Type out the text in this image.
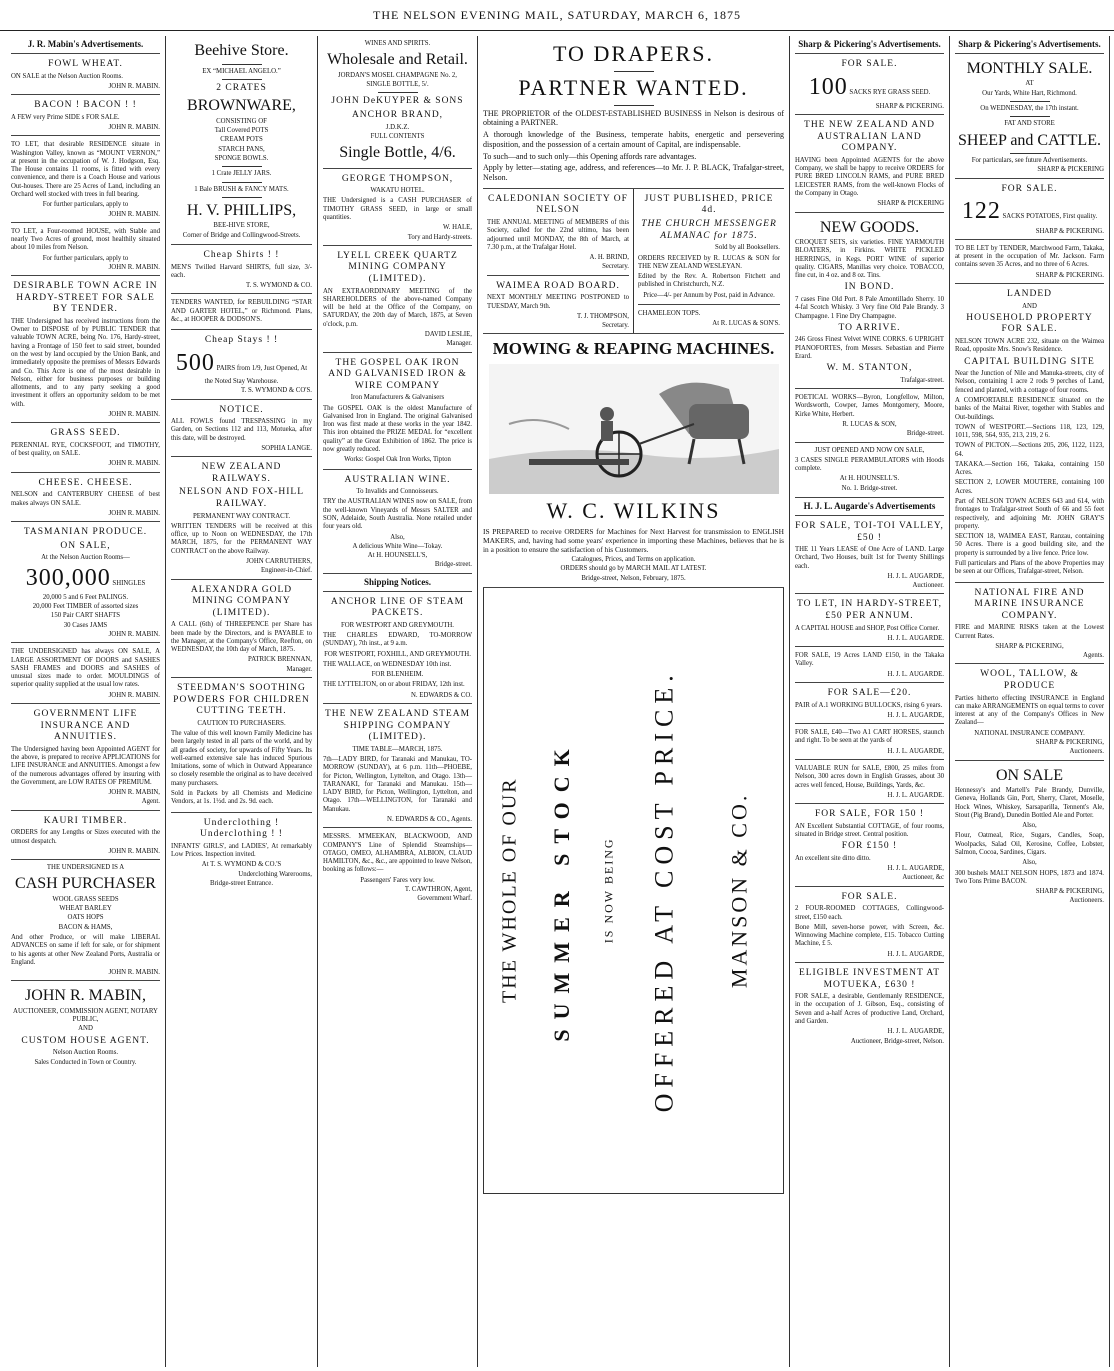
THE NELSON EVENING MAIL, SATURDAY, MARCH 6, 1875
J. R. Mabin's Advertisements.
FOWL WHEAT.
ON SALE at the Nelson Auction Rooms.
JOHN R. MABIN.
BACON ! BACON ! !
A FEW very Prime SIDE s FOR SALE.
JOHN R. MABIN.
TO LET, that desirable RESIDENCE situate in Washington Valley, known as “MOUNT VERNON,” at present in the occupation of W. J. Hodgson, Esq. The House contains 11 rooms, is fitted with every convenience, and there is a Coach House and various Out-houses. There are 25 Acres of Land, including an Orchard well stocked with trees in full bearing.
For further particulars, apply to
JOHN R. MABIN.
TO LET, a Four-roomed HOUSE, with Stable and nearly Two Acres of ground, most healthily situated about 10 miles from Nelson.
For further particulars, apply to
JOHN R. MABIN.
DESIRABLE TOWN ACRE IN HARDY-STREET FOR SALE BY TENDER.
THE Undersigned has received instructions from the Owner to DISPOSE of by PUBLIC TENDER that valuable TOWN ACRE, being No. 176, Hardy-street, having a Frontage of 150 feet to said street, bounded on the west by land occupied by the Union Bank, and immediately opposite the premises of Messrs Edwards and Co. This Acre is one of the most desirable in Nelson, either for business purposes or building allotments, and to any party seeking a good investment it offers an opportunity seldom to be met with.
JOHN R. MABIN.
GRASS SEED.
PERENNIAL RYE, COCKSFOOT, and TIMOTHY, of best quality, on SALE.
JOHN R. MABIN.
CHEESE. CHEESE.
NELSON and CANTERBURY CHEESE of best makes always ON SALE.
JOHN R. MABIN.
TASMANIAN PRODUCE.
ON SALE,
At the Nelson Auction Rooms—
300,000 SHINGLES
20,000 5 and 6 Feet PALINGS.
20,000 Feet TIMBER of assorted sizes
150 Pair CART SHAFTS
30 Cases JAMS
JOHN R. MABIN.
THE UNDERSIGNED has always ON SALE, A LARGE ASSORTMENT OF DOORS and SASHES SASH FRAMES and DOORS and SASHES of unusual sizes made to order. MOULDINGS of superior quality supplied at the usual low rates.
JOHN R. MABIN.
GOVERNMENT LIFE INSURANCE AND ANNUITIES.
The Undersigned having been Appointed AGENT for the above, is prepared to receive APPLICATIONS for LIFE INSURANCE and ANNUITIES. Amongst a few of the numerous advantages offered by insuring with the Government, are LOW RATES OF PREMIUM.
JOHN R. MABIN,
Agent.
KAURI TIMBER.
ORDERS for any Lengths or Sizes executed with the utmost despatch.
JOHN R. MABIN.
THE UNDERSIGNED IS A
CASH PURCHASER
WOOL GRASS SEEDS
WHEAT BARLEY
OATS HOPS
BACON & HAMS,
And other Produce, or will make LIBERAL ADVANCES on same if left for sale, or for shipment to his agents at other New Zealand Ports, Australia or England.
JOHN R. MABIN.
JOHN R. MABIN,
AUCTIONEER, COMMISSION AGENT, NOTARY PUBLIC,
AND
CUSTOM HOUSE AGENT.
Nelson Auction Rooms.
Sales Conducted in Town or Country.
Beehive Store.
EX “MICHAEL ANGELO.”
2 CRATES
BROWNWARE,
CONSISTING OF
Tall Covered POTS
CREAM POTS
STARCH PANS,
SPONGE BOWLS.
1 Crate JELLY JARS.
1 Bale BRUSH & FANCY MATS.
H. V. PHILLIPS,
BEE-HIVE STORE,
Corner of Bridge and Collingwood-Streets.
Cheap Shirts ! !
MEN'S Twilled Harvard SHIRTS, full size, 3/- each.
T. S. WYMOND & CO.
TENDERS WANTED, for REBUILDING “STAR AND GARTER HOTEL,” or Richmond. Plans, &c., at HOOPER & DODSON'S.
Cheap Stays ! !
500 PAIRS from 1/9, Just Opened, At the Noted Stay Warehouse.
T. S. WYMOND & CO'S.
NOTICE.
ALL FOWLS found TRESPASSING in my Garden, on Sections 112 and 113, Motueka, after this date, will be destroyed.
SOPHIA LANGE.
NEW ZEALAND RAILWAYS.
NELSON AND FOX-HILL RAILWAY.
PERMANENT WAY CONTRACT.
WRITTEN TENDERS will be received at this office, up to Noon on WEDNESDAY, the 17th MARCH, 1875, for the PERMANENT WAY CONTRACT on the above Railway.
JOHN CARRUTHERS,
Engineer-in-Chief.
ALEXANDRA GOLD MINING COMPANY (LIMITED).
A CALL (6th) of THREEPENCE per Share has been made by the Directors, and is PAYABLE to the Manager, at the Company's Office, Reefton, on WEDNESDAY, the 10th day of March, 1875.
PATRICK BRENNAN,
Manager.
STEEDMAN'S SOOTHING POWDERS FOR CHILDREN CUTTING TEETH.
CAUTION TO PURCHASERS.
The value of this well known Family Medicine has been largely tested in all parts of the world, and by all grades of society, for upwards of Fifty Years. Its well-earned extensive sale has induced Spurious Imitations, some of which in Outward Appearance so closely resemble the original as to have deceived many purchasers.
Sold in Packets by all Chemists and Medicine Vendors, at 1s. 1½d. and 2s. 9d. each.
Underclothing ! Underclothing ! !
INFANTS' GIRLS', and LADIES', At remarkably Low Prices. Inspection invited.
At T. S. WYMOND & CO.'S
Underclothing Warerooms,
Bridge-street Entrance.
WINES AND SPIRITS.
Wholesale and Retail.
JORDAN'S MOSEL CHAMPAGNE No. 2,
SINGLE BOTTLE, 5/.
JOHN DeKUYPER & SONS
ANCHOR BRAND,
J.D.K.Z.
FULL CONTENTS
Single Bottle, 4/6.
GEORGE THOMPSON,
WAKATU HOTEL.
THE Undersigned is a CASH PURCHASER of TIMOTHY GRASS SEED, in large or small quantities.
W. HALE,
Tory and Hardy-streets.
LYELL CREEK QUARTZ MINING COMPANY (LIMITED).
AN EXTRAORDINARY MEETING of the SHAREHOLDERS of the above-named Company will be held at the Office of the Company, on SATURDAY, the 20th day of March, 1875, at Seven o'clock, p.m.
DAVID LESLIE,
Manager.
THE GOSPEL OAK IRON AND GALVANISED IRON & WIRE COMPANY
Iron Manufacturers & Galvanisers
The GOSPEL OAK is the oldest Manufacture of Galvanised Iron in England. The original Galvanised Iron was first made at these works in the year 1842. This iron obtained the PRIZE MEDAL for “excellent quality” at the Great Exhibition of 1862. The price is now greatly reduced.
Works: Gospel Oak Iron Works, Tipton
AUSTRALIAN WINE.
To Invalids and Connoisseurs.
TRY the AUSTRALIAN WINES now on SALE, from the well-known Vineyards of Messrs SALTER and SON, Adelaide, South Australia. None retailed under four years old.
Also,
A delicious White Wine—Tokay.
At H. HOUNSELL'S,
Bridge-street.
Shipping Notices.
ANCHOR LINE OF STEAM PACKETS.
FOR WESTPORT AND GREYMOUTH.
THE CHARLES EDWARD, TO-MORROW (SUNDAY), 7th inst., at 9 a.m.
FOR WESTPORT, FOXHILL, AND GREYMOUTH.
THE WALLACE, on WEDNESDAY 10th inst.
FOR BLENHEIM.
THE LYTTELTON, on or about FRIDAY, 12th inst.
N. EDWARDS & CO.
THE NEW ZEALAND STEAM SHIPPING COMPANY (LIMITED).
TIME TABLE—MARCH, 1875.
7th—LADY BIRD, for Taranaki and Manukau, TO-MORROW (SUNDAY), at 6 p.m. 11th—PHOEBE, for Picton, Wellington, Lyttelton, and Otago. 13th—TARANAKI, for Taranaki and Manukau. 15th—LADY BIRD, for Picton, Wellington, Lyttelton, and Otago. 17th—WELLINGTON, for Taranaki and Manukau.
N. EDWARDS & CO., Agents.
MESSRS. M'MEEKAN, BLACKWOOD, AND COMPANY'S Line of Splendid Steamships—OTAGO, OMEO, ALHAMBRA, ALBION, CLAUD HAMILTON, &c., &c., are appointed to leave Nelson, booking as follows:—
Passengers' Fares very low.
T. CAWTHRON, Agent,
Government Wharf.
TO DRAPERS.
PARTNER WANTED.
THE PROPRIETOR of the OLDEST-ESTABLISHED BUSINESS in Nelson is desirous of obtaining a PARTNER.
A thorough knowledge of the Business, temperate habits, energetic and persevering disposition, and the possession of a certain amount of Capital, are indispensable.
To such—and to such only—this Opening affords rare advantages.
Apply by letter—stating age, address, and references—to Mr. J. P. BLACK, Trafalgar-street, Nelson.
CALEDONIAN SOCIETY OF NELSON
THE ANNUAL MEETING of MEMBERS of this Society, called for the 22nd ultimo, has been adjourned until MONDAY, the 8th of March, at 7.30 p.m., at the Trafalgar Hotel.
A. H. BRIND,
Secretary.
WAIMEA ROAD BOARD.
NEXT MONTHLY MEETING POSTPONED to TUESDAY, March 9th.
T. J. THOMPSON,
Secretary.
JUST PUBLISHED, PRICE 4d.
THE CHURCH MESSENGER ALMANAC for 1875.
Sold by all Booksellers.
ORDERS RECEIVED by R. LUCAS & SON for THE NEW ZEALAND WESLEYAN.
Edited by the Rev. A. Robertson Fitchett and published in Christchurch, N.Z.
Price—4/- per Annum by Post, paid in Advance.
CHAMELEON TOPS.
At R. LUCAS & SON'S.
MOWING & REAPING MACHINES.
W. C. WILKINS
IS PREPARED to receive ORDERS for Machines for Next Harvest for transmission to ENGLISH MAKERS, and, having had some years' experience in importing these Machines, believes that he is in a position to ensure the satisfaction of his Customers.
Catalogues, Prices, and Terms on application.
ORDERS should go by MARCH MAIL AT LATEST.
Bridge-street, Nelson, February, 1875.
THE WHOLE OF OUR SUMMER STOCK IS NOW BEING OFFERED AT COST PRICE. MANSON & CO.
Sharp & Pickering's Advertisements.
FOR SALE.
100 SACKS RYE GRASS SEED.
SHARP & PICKERING.
THE NEW ZEALAND AND AUSTRALIAN LAND COMPANY.
HAVING been Appointed AGENTS for the above Company, we shall be happy to receive ORDERS for PURE BRED LINCOLN RAMS, and PURE BRED LEICESTER RAMS, from the well-known Flocks of the Company in Otago.
SHARP & PICKERING
NEW GOODS.
CROQUET SETS, six varieties. FINE YARMOUTH BLOATERS, in Firkins. WHITE PICKLED HERRINGS, in Kegs. PORT WINE of superior quality. CIGARS, Manillas very choice. TOBACCO, fine cut, in 4 oz. and 8 oz. Tins.
IN BOND.
7 cases Fine Old Port. 8 Pale Amontillado Sherry. 10 4-fal Scotch Whisky. 3 Very fine Old Pale Brandy. 3 Champagne. 1 Fine Dry Champagne.
TO ARRIVE.
246 Gross Finest Velvet WINE CORKS. 6 UPRIGHT PIANOFORTES, from Messrs. Sebastian and Pierre Erard.
W. M. STANTON,
Trafalgar-street.
POETICAL WORKS—Byron, Longfellow, Milton, Wordsworth, Cowper, James Montgomery, Moore, Kirke White, Herbert.
R. LUCAS & SON,
Bridge-street.
JUST OPENED AND NOW ON SALE,
3 CASES SINGLE PERAMBULATORS with Hoods complete.
At H. HOUNSELL'S.
No. 1. Bridge-street.
H. J. L. Augarde's Advertisements
FOR SALE, TOI-TOI VALLEY, £50 !
THE 11 Years LEASE of One Acre of LAND. Large Orchard, Two Houses, built 1st for Twenty Shillings each.
H. J. L. AUGARDE,
Auctioneer.
TO LET, IN HARDY-STREET, £50 PER ANNUM.
A CAPITAL HOUSE and SHOP, Post Office Corner.
H. J. L. AUGARDE.
FOR SALE, 19 Acres LAND £150, in the Takaka Valley.
H. J. L. AUGARDE.
FOR SALE—£20.
PAIR of A.1 WORKING BULLOCKS, rising 6 years.
H. J. L. AUGARDE,
FOR SALE, £40—Two A1 CART HORSES, staunch and right. To be seen at the yards of
H. J. L. AUGARDE,
VALUABLE RUN for SALE, £800, 25 miles from Nelson, 300 acres down in English Grasses, about 30 acres well fenced, House, Buildings, Yards, &c.
H. J. L. AUGARDE.
FOR SALE, FOR 150 !
AN Excellent Substantial COTTAGE, of four rooms, situated in Bridge street. Central position.
FOR £150 !
An excellent site ditto ditto.
H. J. L. AUGARDE,
Auctioneer, &c
FOR SALE.
2 FOUR-ROOMED COTTAGES, Collingwood-street, £150 each.
Bone Mill, seven-horse power, with Screen, &c. Winnowing Machine complete, £15. Tobacco Cutting Machine, £ 5.
H. J. L. AUGARDE,
ELIGIBLE INVESTMENT AT MOTUEKA, £630 !
FOR SALE, a desirable, Gentlemanly RESIDENCE, in the occupation of J. Gibson, Esq., consisting of Seven and a-half Acres of productive Land, Orchard, and Garden.
H. J. L. AUGARDE,
Auctioneer, Bridge-street, Nelson.
Sharp & Pickering's Advertisements.
MONTHLY SALE.
AT
Our Yards, White Hart, Richmond.
On WEDNESDAY, the 17th instant.
FAT AND STORE
SHEEP and CATTLE.
For particulars, see future Advertisements.
SHARP & PICKERING
FOR SALE.
122 SACKS POTATOES, First quality.
SHARP & PICKERING.
TO BE LET by TENDER, Marchwood Farm, Takaka, at present in the occupation of Mr. Jackson. Farm contains seven 35 Acres, and no three of 6 Acres.
SHARP & PICKERING.
LANDED
AND
HOUSEHOLD PROPERTY FOR SALE.
NELSON TOWN ACRE 232, situate on the Waimea Road, opposite Mrs. Snow's Residence.
CAPITAL BUILDING SITE
Near the Junction of Nile and Manuka-streets, city of Nelson, containing 1 acre 2 rods 9 perches of Land, fenced and planted, with a cottage of four rooms.
A COMFORTABLE RESIDENCE situated on the banks of the Maitai River, together with Stables and Out-buildings.
TOWN of WESTPORT.—Sections 118, 123, 129, 1011, 598, 564, 935, 213, 219, 2 6.
TOWN of PICTON.—Sections 205, 206, 1122, 1123, 64.
TAKAKA.—Section 166, Takaka, containing 150 Acres.
SECTION 2, LOWER MOUTERE, containing 100 Acres.
Part of NELSON TOWN ACRES 643 and 614, with frontages to Trafalgar-street South of 66 and 55 feet respectively, and adjoining Mr. JOHN GRAY'S property.
SECTION 18, WAIMEA EAST, Ranzau, containing 50 Acres. There is a good building site, and the property is surrounded by a live fence. Price low.
Full particulars and Plans of the above Properties may be seen at our Offices, Trafalgar-street, Nelson.
NATIONAL FIRE AND MARINE INSURANCE COMPANY.
FIRE and MARINE RISKS taken at the Lowest Current Rates.
SHARP & PICKERING,
Agents.
WOOL, TALLOW, & PRODUCE
Parties hitherto effecting INSURANCE in England can make ARRANGEMENTS on equal terms to cover interest at any of the Company's Offices in New Zealand—
NATIONAL INSURANCE COMPANY.
SHARP & PICKERING,
Auctioneers.
ON SALE
Hennessy's and Martell's Pale Brandy, Dunville, Geneva, Hollands Gin, Port, Sherry, Claret, Moselle, Hock Wines, Whiskey, Sarsaparilla, Tennent's Ale, Stout (Pig Brand), Dunedin Bottled Ale and Porter.
Also,
Flour, Oatmeal, Rice, Sugars, Candles, Soap, Woolpacks, Salad Oil, Kerosine, Coffee, Lobster, Salmon, Cocoa, Sardines, Cigars.
Also,
300 bushels MALT NELSON HOPS, 1873 and 1874. Two Tons Prime BACON.
SHARP & PICKERING,
Auctioneers.
